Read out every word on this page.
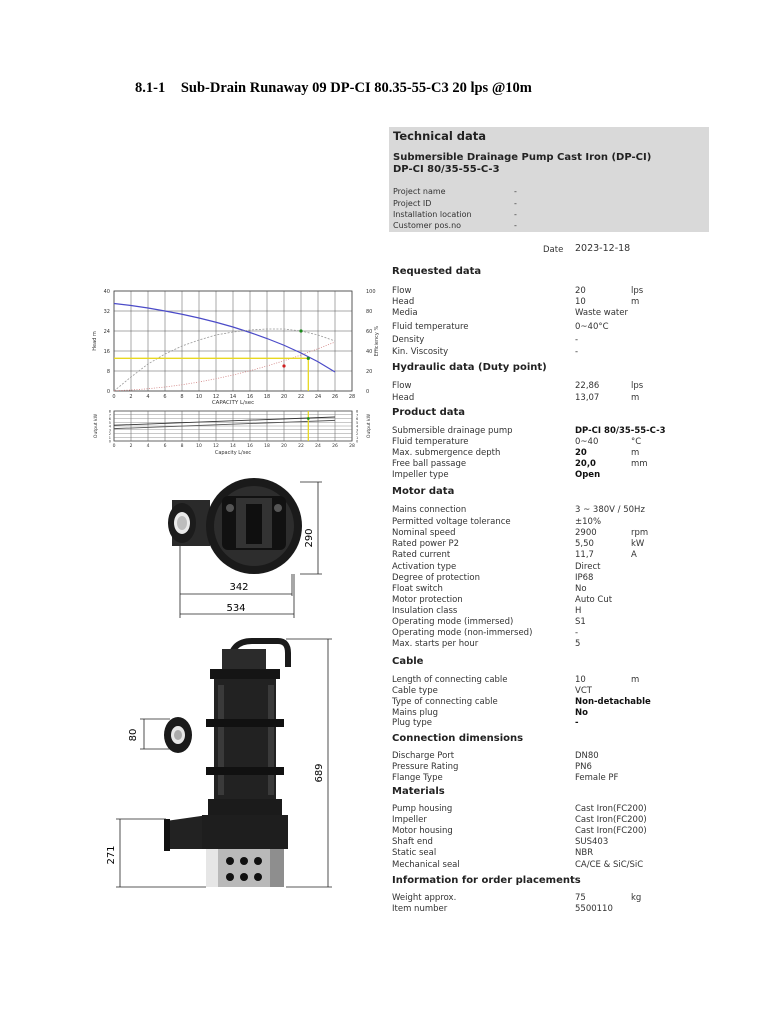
8.1-1 Sub-Drain Runaway 09 DP-CI 80.35-55-C3 20 lps @10m
Technical data
Submersible Drainage Pump Cast Iron (DP-CI)
DP-CI 80/35-55-C-3
Project name	-
Project ID	-
Installation location	-
Customer pos.no	-
Date 2023-12-18
Requested data
Flow	20	lps
Head	10	m
Media	Waste water
Fluid temperature	0~40°C
Density	-
Kin. Viscosity	-
Hydraulic data (Duty point)
Flow	22,86	lps
Head	13,07	m
Product data
Submersible drainage pump	DP-CI 80/35-55-C-3
Fluid temperature	0~40	°C
Max. submergence depth	20	m
Free ball passage	20,0	mm
Impeller type	Open
Motor data
Mains connection	3 ~ 380V / 50Hz
Permitted voltage tolerance	±10%
Nominal speed	2900	rpm
Rated power P2	5,50	kW
Rated current	11,7	A
Activation type	Direct
Degree of protection	IP68
Float switch	No
Motor protection	Auto Cut
Insulation class	H
Operating mode (immersed)	S1
Operating mode (non-immersed)	-
Max. starts per hour	5
Cable
Length of connecting cable	10	m
Cable type	VCT
Type of connecting cable	Non-detachable
Mains plug	No
Plug type	-
Connection dimensions
Discharge Port	DN80
Pressure Rating	PN6
Flange Type	Female PF
Materials
Pump housing	Cast Iron(FC200)
Impeller	Cast Iron(FC200)
Motor housing	Cast Iron(FC200)
Shaft end	SUS403
Static seal	NBR
Mechanical seal	CA/CE & SiC/SiC
Information for order placements
Weight approx.	75	kg
Item number	5500110
0	2	4	6	8 10 12 14 16 18 20 22 24 26 28
0
8
16
24
32
40
0
20
40
60
80
100
CAPACITY L/sec
Head m	Efficiency %
0	2	4	6	8	10	12	14	16	18	20	22	24	26	28
0	0
1	1
2	2
3	3
4	4
5	5
6	6
7	7
8	8
Capacity L/sec
Output kW	Output kW
290
342
534
689
80
271
